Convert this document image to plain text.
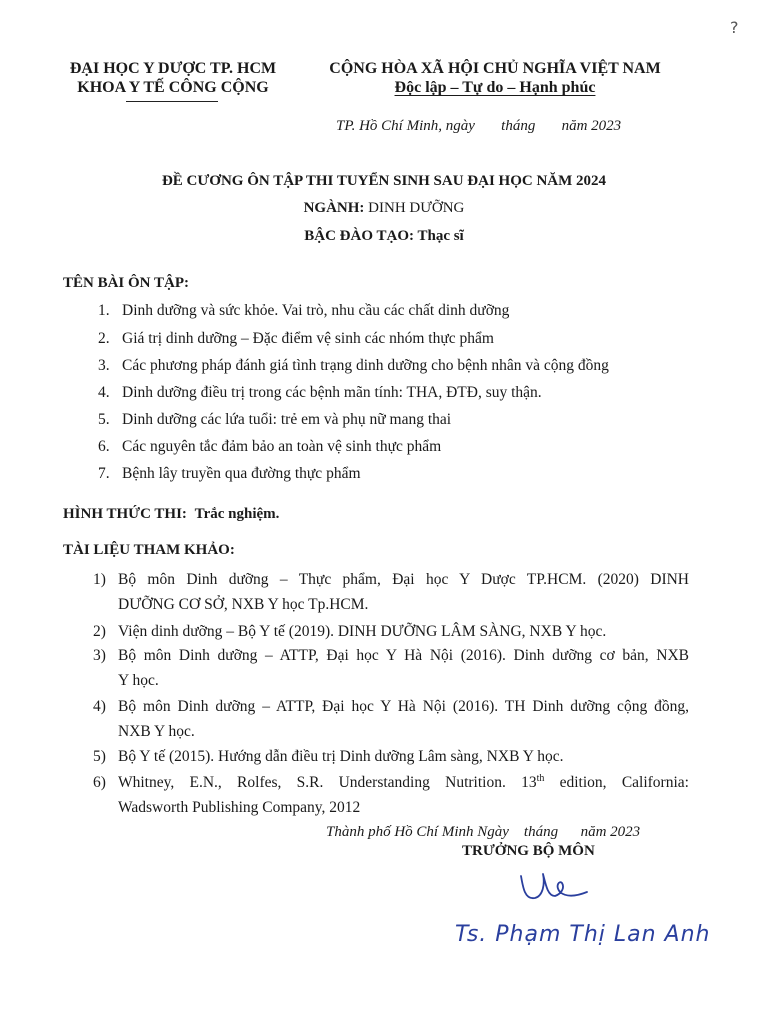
?
ĐẠI HỌC Y DƯỢC TP. HCM
KHOA Y TẾ CÔNG CỘNG
CỘNG HÒA XÃ HỘI CHỦ NGHĨA VIỆT NAM
Độc lập – Tự do – Hạnh phúc
TP. Hồ Chí Minh, ngày       tháng       năm 2023
ĐỀ CƯƠNG ÔN TẬP THI TUYỂN SINH SAU ĐẠI HỌC NĂM 2024
NGÀNH: DINH DƯỠNG
BẬC ĐÀO TẠO: Thạc sĩ
TÊN BÀI ÔN TẬP:
1. Dinh dưỡng và sức khỏe. Vai trò, nhu cầu các chất dinh dưỡng
2. Giá trị dinh dưỡng – Đặc điểm vệ sinh các nhóm thực phẩm
3. Các phương pháp đánh giá tình trạng dinh dưỡng cho bệnh nhân và cộng đồng
4. Dinh dưỡng điều trị trong các bệnh mãn tính: THA, ĐTĐ, suy thận.
5. Dinh dưỡng các lứa tuổi: trẻ em và phụ nữ mang thai
6. Các nguyên tắc đảm bảo an toàn vệ sinh thực phẩm
7. Bệnh lây truyền qua đường thực phẩm
HÌNH THỨC THI: Trắc nghiệm.
TÀI LIỆU THAM KHẢO:
1) Bộ môn Dinh dưỡng – Thực phẩm, Đại học Y Dược TP.HCM. (2020) DINH
DƯỠNG CƠ SỞ, NXB Y học Tp.HCM.
2) Viện dinh dưỡng – Bộ Y tế (2019). DINH DƯỠNG LÂM SÀNG, NXB Y học.
3) Bộ môn Dinh dưỡng – ATTP, Đại học Y Hà Nội (2016). Dinh dưỡng cơ bản, NXB
Y học.
4) Bộ môn Dinh dưỡng – ATTP, Đại học Y Hà Nội (2016). TH Dinh dưỡng cộng đồng,
NXB Y học.
5) Bộ Y tế (2015). Hướng dẫn điều trị Dinh dưỡng Lâm sàng, NXB Y học.
6) Whitney, E.N., Rolfes, S.R. Understanding Nutrition. 13th edition, California:
Wadsworth Publishing Company, 2012
Thành phố Hồ Chí Minh Ngày    tháng      năm 2023
TRƯỞNG BỘ MÔN
Ts. Phạm Thị Lan Anh
